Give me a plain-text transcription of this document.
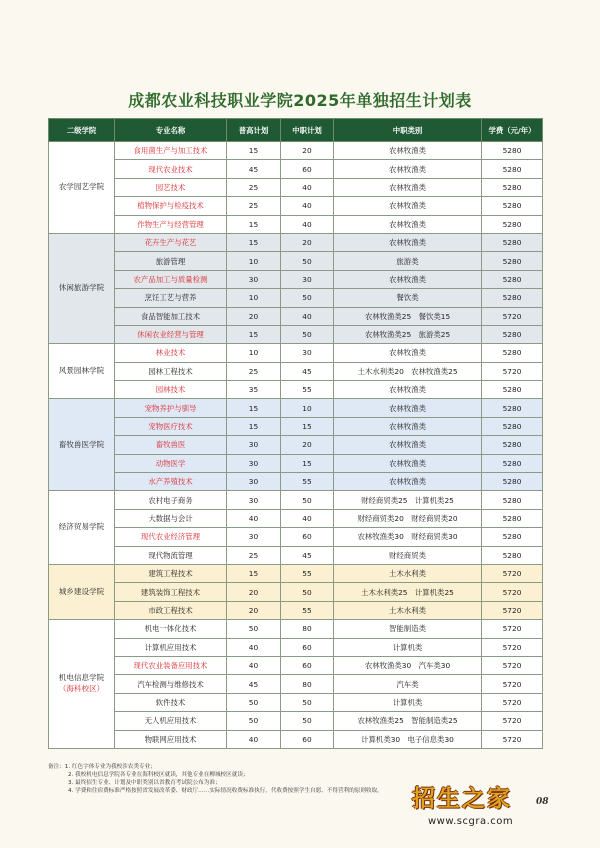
成都农业科技职业学院2025年单独招生计划表
二级学院	专业名称	普高计划	中职计划	中职类别	学费（元/年）

农学园艺学院	食用菌生产与加工技术	15	20	农林牧渔类	5280
	现代农业技术	45	60	农林牧渔类	5280
	园艺技术	25	40	农林牧渔类	5280
	植物保护与检疫技术	25	40	农林牧渔类	5280
	作物生产与经营管理	15	40	农林牧渔类	5280

休闲旅游学院	花卉生产与花艺	15	20	农林牧渔类	5280
	旅游管理	10	50	旅游类	5280
	农产品加工与质量检测	30	30	农林牧渔类	5280
	烹饪工艺与营养	10	50	餐饮类	5280
	食品智能加工技术	20	40	农林牧渔类25　餐饮类15	5720
	休闲农业经营与管理	15	50	农林牧渔类25　旅游类25	5280

风景园林学院	林业技术	10	30	农林牧渔类	5280
	园林工程技术	25	45	土木水利类20　农林牧渔类25	5720
	园林技术	35	55	农林牧渔类	5280

畜牧兽医学院	宠物养护与驯导	15	10	农林牧渔类	5280
	宠物医疗技术	15	15	农林牧渔类	5280
	畜牧兽医	30	20	农林牧渔类	5280
	动物医学	30	15	农林牧渔类	5280
	水产养殖技术	30	55	农林牧渔类	5280

经济贸易学院	农村电子商务	30	50	财经商贸类25　计算机类25	5280
	大数据与会计	40	40	财经商贸类20　财经商贸类20	5280
	现代农业经济管理	30	60	农林牧渔类30　财经商贸类30	5280
	现代物流管理	25	45	财经商贸类	5280

城乡建设学院	建筑工程技术	15	55	土木水利类	5720
	建筑装饰工程技术	20	50	土木水利类25　计算机类25	5720
	市政工程技术	20	55	土木水利类	5720

机电信息学院
（海科校区）	机电一体化技术	50	80	智能制造类	5720
	计算机应用技术	40	60	计算机类	5720
	现代农业装备应用技术	40	60	农林牧渔类30　汽车类30	5720
	汽车检测与维修技术	45	80	汽车类	5720
	软件技术	50	50	计算机类	5720
	无人机应用技术	50	50	农林牧渔类25　智能制造类25	5720
	物联网应用技术	40	60	计算机类30　电子信息类30	5720
备注：1. 红色字体专业为我校涉农类专业；
2. 我校机电信息学院各专业在海科校区就读，其他专业在柳城校区就读；
3. 最终招生专业、计划及中职类别以省教育考试院公布为准；
4. 学费和住宿费标准严格按照省发展改革委、财政厅……实际情况收费标准执行，代收费按照学生自愿、不得营利的原则收取。	招生之家
www.scgra.com
08
